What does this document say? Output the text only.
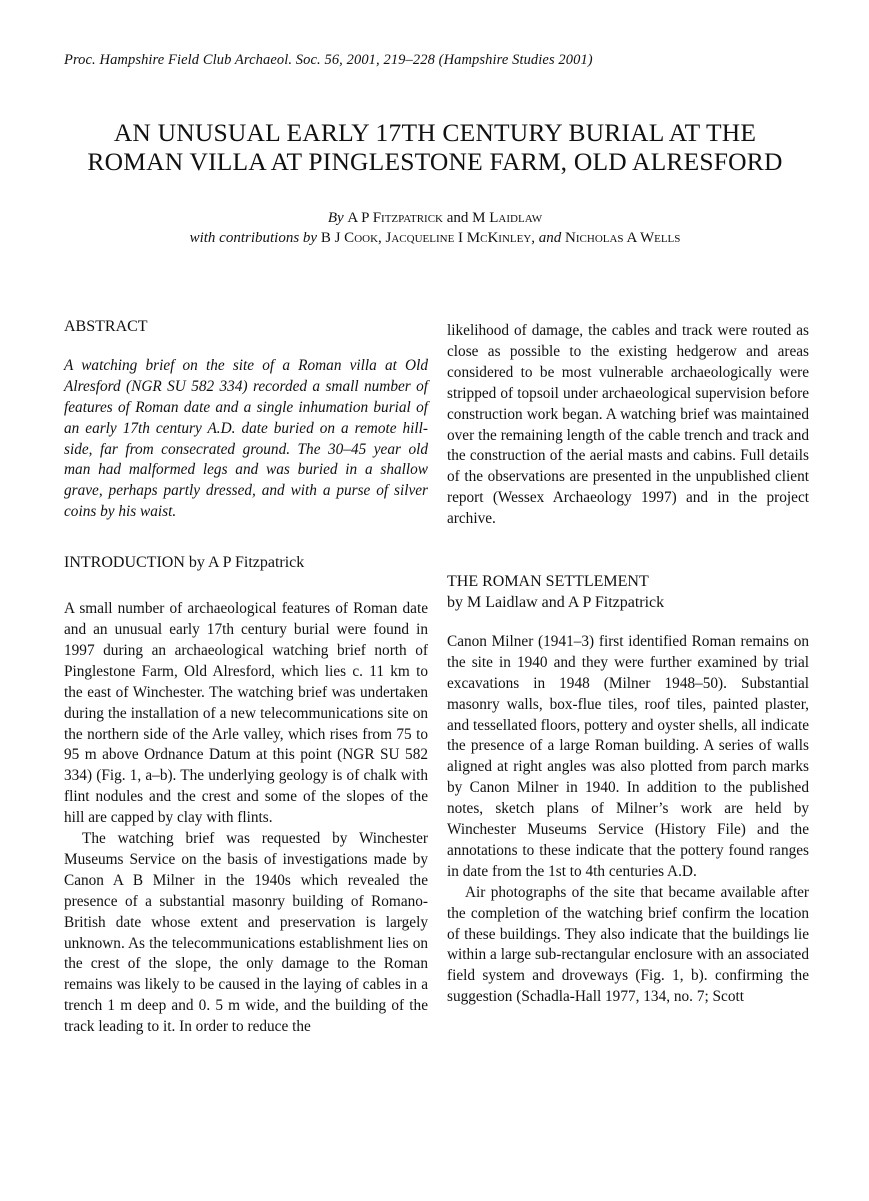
Proc. Hampshire Field Club Archaeol. Soc. 56, 2001, 219–228 (Hampshire Studies 2001)
AN UNUSUAL EARLY 17TH CENTURY BURIAL AT THE
ROMAN VILLA AT PINGLESTONE FARM, OLD ALRESFORD
By A P Fitzpatrick and M Laidlaw
with contributions by B J Cook, Jacqueline I McKinley, and Nicholas A Wells
ABSTRACT

A watching brief on the site of a Roman villa at Old Alresford (NGR SU 582 334) recorded a small number of features of Roman date and a single inhumation burial of an early 17th century A.D. date buried on a remote hill-side, far from consecrated ground. The 30–45 year old man had malformed legs and was buried in a shallow grave, perhaps partly dressed, and with a purse of silver coins by his waist.

INTRODUCTION by A P Fitzpatrick

A small number of archaeological features of Roman date and an unusual early 17th century burial were found in 1997 during an archaeological watching brief north of Pinglestone Farm, Old Alresford, which lies c. 11 km to the east of Winchester. The watching brief was undertaken during the installation of a new telecommunications site on the northern side of the Arle valley, which rises from 75 to 95 m above Ordnance Datum at this point (NGR SU 582 334) (Fig. 1, a–b). The underlying geology is of chalk with flint nodules and the crest and some of the slopes of the hill are capped by clay with flints.

The watching brief was requested by Winchester Museums Service on the basis of investigations made by Canon A B Milner in the 1940s which revealed the presence of a substantial masonry building of Romano-British date whose extent and preservation is largely unknown. As the telecommunications establishment lies on the crest of the slope, the only damage to the Roman remains was likely to be caused in the laying of cables in a trench 1 m deep and 0. 5 m wide, and the building of the track leading to it. In order to reduce the

likelihood of damage, the cables and track were routed as close as possible to the existing hedgerow and areas considered to be most vulnerable archaeologically were stripped of topsoil under archaeological supervision before construction work began. A watching brief was maintained over the remaining length of the cable trench and track and the construction of the aerial masts and cabins. Full details of the observations are presented in the unpublished client report (Wessex Archaeology 1997) and in the project archive.

THE ROMAN SETTLEMENT
by M Laidlaw and A P Fitzpatrick

Canon Milner (1941–3) first identified Roman remains on the site in 1940 and they were further examined by trial excavations in 1948 (Milner 1948–50). Substantial masonry walls, box-flue tiles, roof tiles, painted plaster, and tessellated floors, pottery and oyster shells, all indicate the presence of a large Roman building. A series of walls aligned at right angles was also plotted from parch marks by Canon Milner in 1940. In addition to the published notes, sketch plans of Milner’s work are held by Winchester Museums Service (History File) and the annotations to these indicate that the pottery found ranges in date from the 1st to 4th centuries A.D.

Air photographs of the site that became available after the completion of the watching brief confirm the location of these buildings. They also indicate that the buildings lie within a large sub-rectangular enclosure with an associated field system and droveways (Fig. 1, b). confirming the suggestion (Schadla-Hall 1977, 134, no. 7; Scott
